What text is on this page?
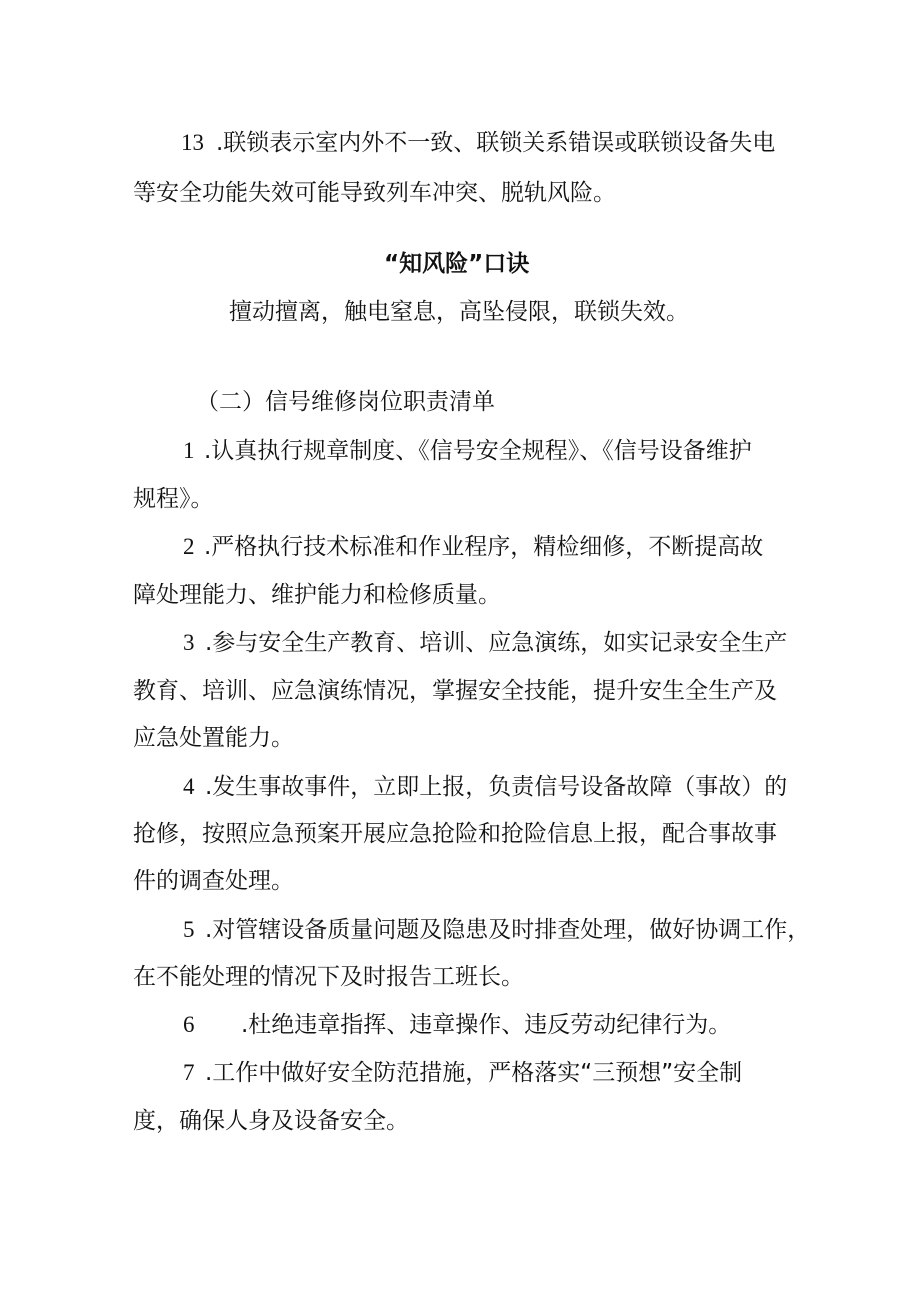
13 .联锁表示室内外不一致、联锁关系错误或联锁设备失电

等安全功能失效可能导致列车冲突、脱轨风险。

“知风险”口诀

擅动擅离，触电窒息，高坠侵限，联锁失效。

（二）信号维修岗位职责清单

1 .认真执行规章制度、《信号安全规程》、《信号设备维护

规程》。

2 .严格执行技术标准和作业程序，精检细修，不断提高故

障处理能力、维护能力和检修质量。

3 .参与安全生产教育、培训、应急演练，如实记录安全生产

教育、培训、应急演练情况，掌握安全技能，提升安生全生产及

应急处置能力。

4 .发生事故事件，立即上报，负责信号设备故障（事故）的

抢修，按照应急预案开展应急抢险和抢险信息上报，配合事故事

件的调查处理。

5 .对管辖设备质量问题及隐患及时排查处理，做好协调工作，

在不能处理的情况下及时报告工班长。

6 .杜绝违章指挥、违章操作、违反劳动纪律行为。

7 .工作中做好安全防范措施，严格落实“三预想”安全制

度，确保人身及设备安全。
